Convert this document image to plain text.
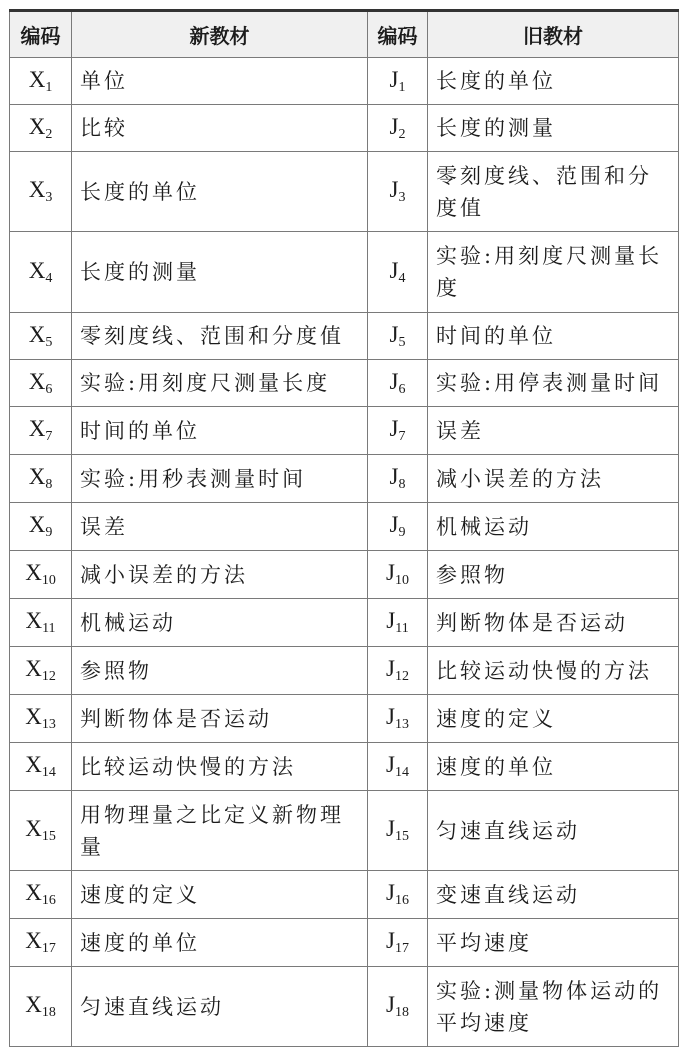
编码	新教材	编码	旧教材
$X_1$	单位	$J_1$	长度的单位
$X_2$	比较	$J_2$	长度的测量
$X_3$	长度的单位	$J_3$	零刻度线、范围和分度值
$X_4$	长度的测量	$J_4$	实验:用刻度尺测量长度
$X_5$	零刻度线、范围和分度值	$J_5$	时间的单位
$X_6$	实验:用刻度尺测量长度	$J_6$	实验:用停表测量时间
$X_7$	时间的单位	$J_7$	误差
$X_8$	实验:用秒表测量时间	$J_8$	减小误差的方法
$X_9$	误差	$J_9$	机械运动
$X_{10}$	减小误差的方法	$J_{10}$	参照物
$X_{11}$	机械运动	$J_{11}$	判断物体是否运动
$X_{12}$	参照物	$J_{12}$	比较运动快慢的方法
$X_{13}$	判断物体是否运动	$J_{13}$	速度的定义
$X_{14}$	比较运动快慢的方法	$J_{14}$	速度的单位
$X_{15}$	用物理量之比定义新物理量	$J_{15}$	匀速直线运动
$X_{16}$	速度的定义	$J_{16}$	变速直线运动
$X_{17}$	速度的单位	$J_{17}$	平均速度
$X_{18}$	匀速直线运动	$J_{18}$	实验:测量物体运动的平均速度
